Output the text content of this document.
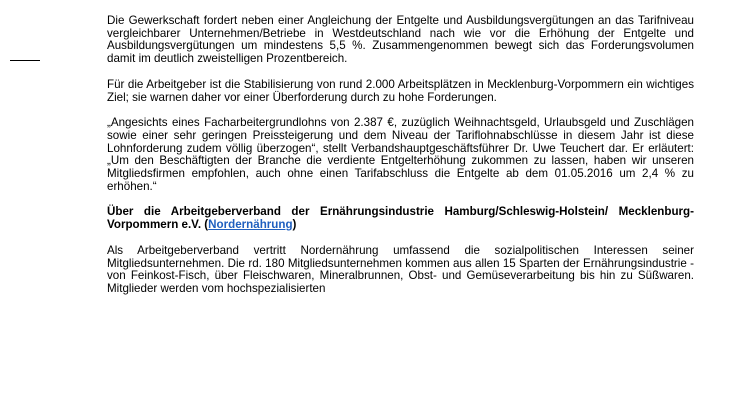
Die Gewerkschaft fordert neben einer Angleichung der Entgelte und Ausbildungsvergütungen an das Tarifniveau vergleichbarer Unternehmen/Betriebe in Westdeutschland nach wie vor die Erhöhung der Entgelte und Ausbildungsvergütungen um mindestens 5,5 %. Zusammengenommen bewegt sich das Forderungsvolumen damit im deutlich zweistelligen Prozentbereich.

Für die Arbeitgeber ist die Stabilisierung von rund 2.000 Arbeitsplätzen in Mecklenburg-Vorpommern ein wichtiges Ziel; sie warnen daher vor einer Überforderung durch zu hohe Forderungen.

„Angesichts eines Facharbeitergrundlohns von 2.387 €, zuzüglich Weihnachtsgeld, Urlaubsgeld und Zuschlägen sowie einer sehr geringen Preissteigerung und dem Niveau der Tariflohnabschlüsse in diesem Jahr ist diese Lohnforderung zudem völlig überzogen“, stellt Verbandshauptgeschäftsführer Dr. Uwe Teuchert dar. Er erläutert: „Um den Beschäftigten der Branche die verdiente Entgelterhöhung zukommen zu lassen, haben wir unseren Mitgliedsfirmen empfohlen, auch ohne einen Tarifabschluss die Entgelte ab dem 01.05.2016 um 2,4 % zu erhöhen.“

Über die Arbeitgeberverband der Ernährungsindustrie Hamburg/Schleswig-Holstein/ Mecklenburg-Vorpommern e.V. (Nordernährung)

Als Arbeitgeberverband vertritt Nordernährung umfassend die sozialpolitischen Interessen seiner Mitgliedsunternehmen. Die rd. 180 Mitgliedsunternehmen kommen aus allen 15 Sparten der Ernährungsindustrie - von Feinkost-Fisch, über Fleischwaren, Mineralbrunnen, Obst- und Gemüseverarbeitung bis hin zu Süßwaren. Mitglieder werden vom hochspezialisierten
